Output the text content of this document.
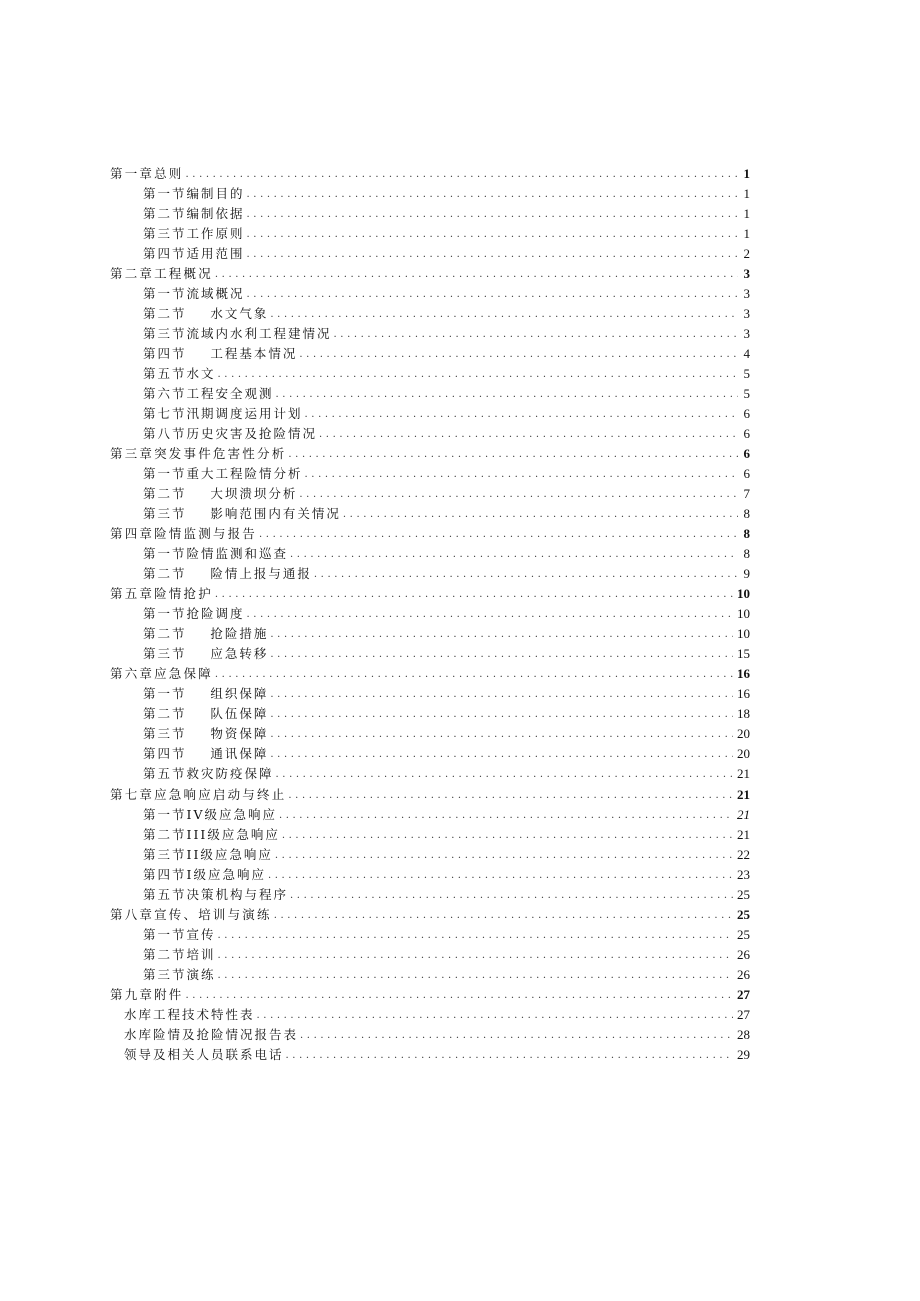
第一章总则 .....	1
第一节编制目的 .....	1
第二节编制依据 .....	1
第三节工作原则 .....	1
第四节适用范围 .....	2
第二章工程概况 .....	3
第一节流域概况 .....	3
第二节    水文气象 .....	3
第三节流域内水利工程建情况 .....	3
第四节    工程基本情况 .....	4
第五节水文 .....	5
第六节工程安全观测 .....	5
第七节汛期调度运用计划 .....	6
第八节历史灾害及抢险情况 .....	6
第三章突发事件危害性分析 .....	6
第一节重大工程险情分析 .....	6
第二节    大坝溃坝分析 .....	7
第三节    影响范围内有关情况 .....	8
第四章险情监测与报告 .....	8
第一节险情监测和巡查 .....	8
第二节    险情上报与通报 .....	9
第五章险情抢护 .....	10
第一节抢险调度 .....	10
第二节    抢险措施 .....	10
第三节    应急转移 .....	15
第六章应急保障 .....	16
第一节    组织保障 .....	16
第二节    队伍保障 .....	18
第三节    物资保障 .....	20
第四节    通讯保障 .....	20
第五节救灾防疫保障 .....	21
第七章应急响应启动与终止 .....	21
第一节IV级应急响应 .....	21
第二节III级应急响应 .....	21
第三节II级应急响应 .....	22
第四节I级应急响应 .....	23
第五节决策机构与程序 .....	25
第八章宣传、培训与演练 .....	25
第一节宣传 .....	25
第二节培训 .....	26
第三节演练 .....	26
第九章附件 .....	27
水库工程技术特性表 .....	27
水库险情及抢险情况报告表 .....	28
领导及相关人员联系电话 .....	29
